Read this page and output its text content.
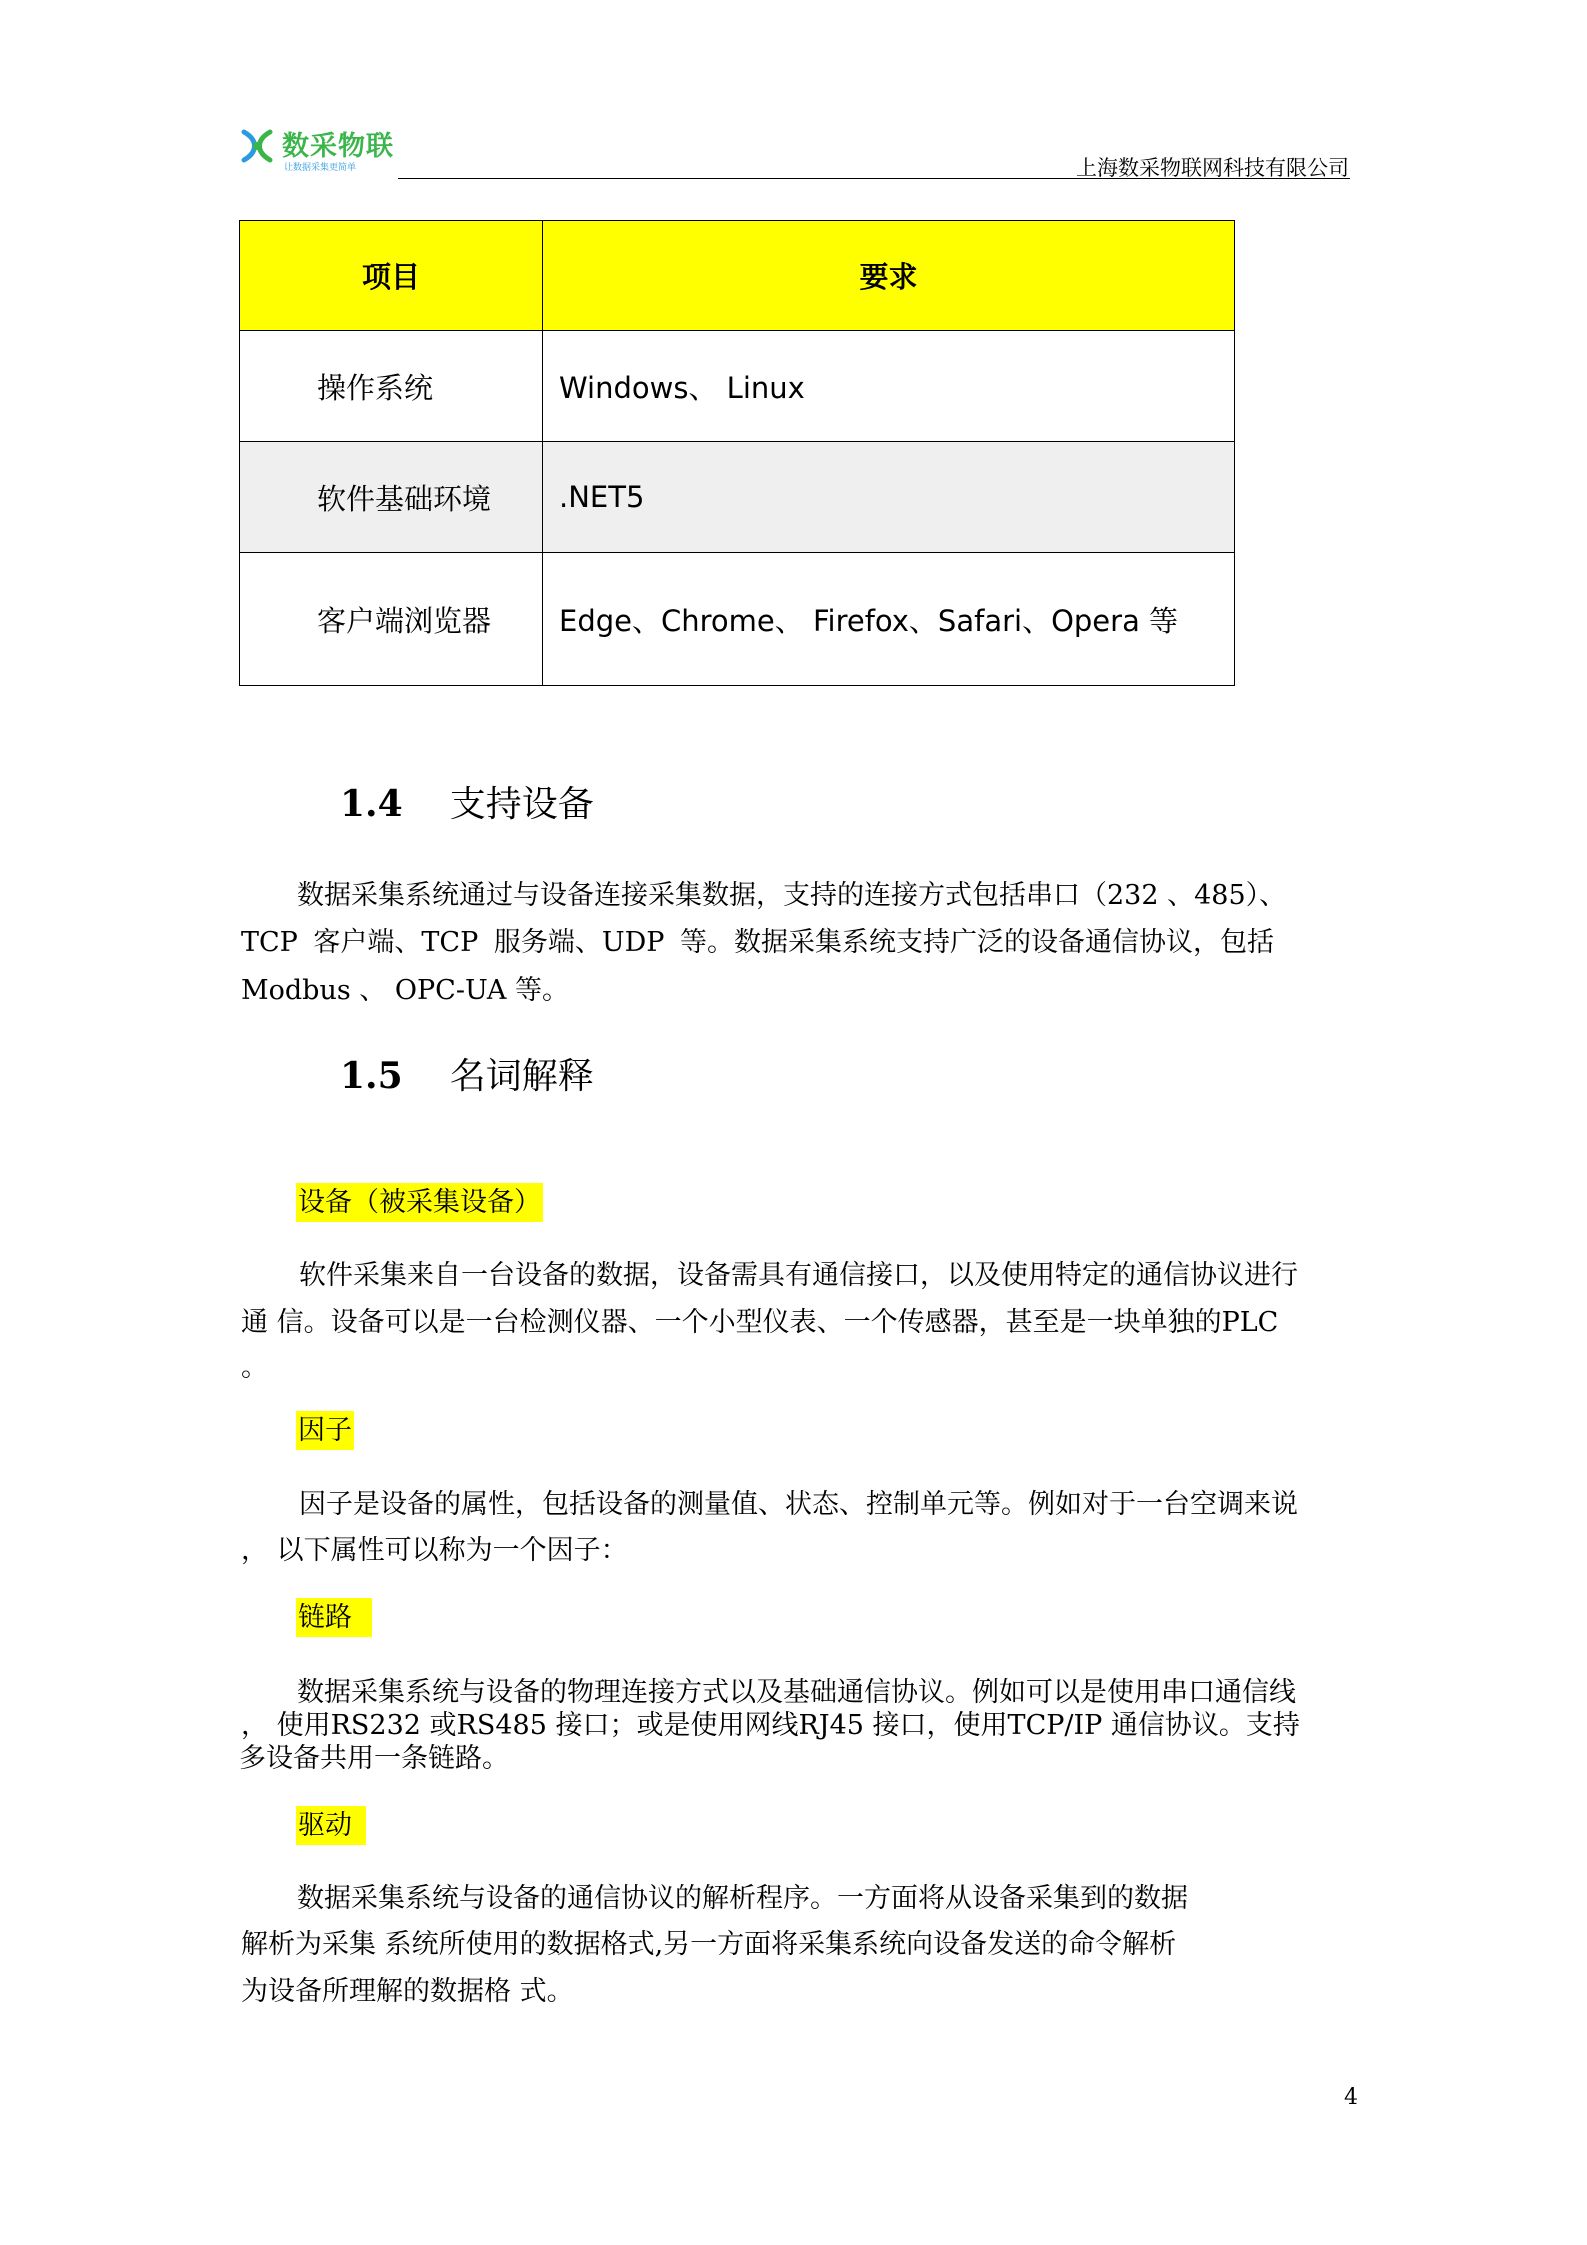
数采物联
让数据采集更简单	上海数采物联网科技有限公司
项目	要求
操作系统	Windows、 Linux
软件基础环境	.NET5
客户端浏览器	Edge、Chrome、 Firefox、Safari、Opera 等
1.4 支持设备
数据采集系统通过与设备连接采集数据，支持的连接方式包括串口（232 、485）、
TCP 客户端、TCP 服务端、UDP 等。数据采集系统支持广泛的设备通信协议，包括
Modbus 、 OPC-UA 等。
1.5 名词解释
设备（被采集设备）
软件采集来自一台设备的数据，设备需具有通信接口，以及使用特定的通信协议进行
通 信。设备可以是一台检测仪器、一个小型仪表、一个传感器，甚至是一块单独的PLC
。
因子
因子是设备的属性，包括设备的测量值、状态、控制单元等。例如对于一台空调来说
， 以下属性可以称为一个因子：
链路
数据采集系统与设备的物理连接方式以及基础通信协议。例如可以是使用串口通信线
， 使用RS232 或RS485 接口；或是使用网线RJ45 接口，使用TCP/IP 通信协议。支持
多设备共用一条链路。
驱动
数据采集系统与设备的通信协议的解析程序。一方面将从设备采集到的数据
解析为采集 系统所使用的数据格式,另一方面将采集系统向设备发送的命令解析
为设备所理解的数据格 式。
4
